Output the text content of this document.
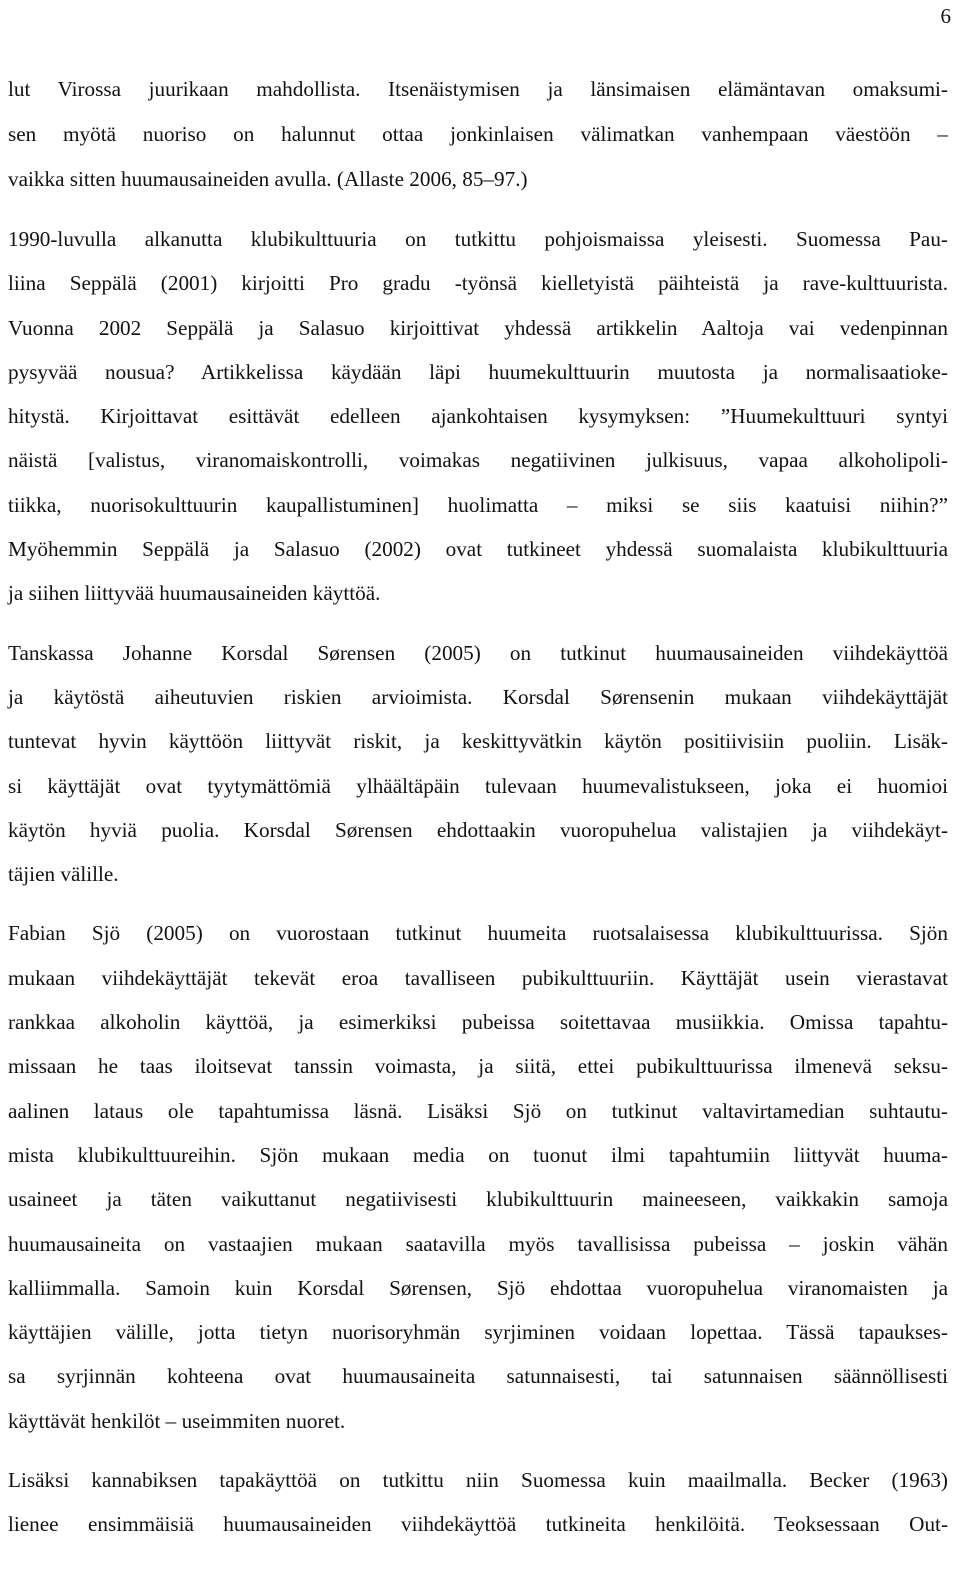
6
lut Virossa juurikaan mahdollista. Itsenäistymisen ja länsimaisen elämäntavan omaksumi-
sen myötä nuoriso on halunnut ottaa jonkinlaisen välimatkan vanhempaan väestöön –
vaikka sitten huumausaineiden avulla. (Allaste 2006, 85–97.)
1990-luvulla alkanutta klubikulttuuria on tutkittu pohjoismaissa yleisesti. Suomessa Pau-
liina Seppälä (2001) kirjoitti Pro gradu -työnsä kielletyistä päihteistä ja rave-kulttuurista.
Vuonna 2002 Seppälä ja Salasuo kirjoittivat yhdessä artikkelin Aaltoja vai vedenpinnan
pysyvää nousua? Artikkelissa käydään läpi huumekulttuurin muutosta ja normalisaatioke-
hitystä. Kirjoittavat esittävät edelleen ajankohtaisen kysymyksen: ”Huumekulttuuri syntyi
näistä [valistus, viranomaiskontrolli, voimakas negatiivinen julkisuus, vapaa alkoholipoli-
tiikka, nuorisokulttuurin kaupallistuminen] huolimatta – miksi se siis kaatuisi niihin?”
Myöhemmin Seppälä ja Salasuo (2002) ovat tutkineet yhdessä suomalaista klubikulttuuria
ja siihen liittyvää huumausaineiden käyttöä.
Tanskassa Johanne Korsdal Sørensen (2005) on tutkinut huumausaineiden viihdekäyttöä
ja käytöstä aiheutuvien riskien arvioimista. Korsdal Sørensenin mukaan viihdekäyttäjät
tuntevat hyvin käyttöön liittyvät riskit, ja keskittyvätkin käytön positiivisiin puoliin. Lisäk-
si käyttäjät ovat tyytymättömiä ylhäältäpäin tulevaan huumevalistukseen, joka ei huomioi
käytön hyviä puolia. Korsdal Sørensen ehdottaakin vuoropuhelua valistajien ja viihdekäyt-
täjien välille.
Fabian Sjö (2005) on vuorostaan tutkinut huumeita ruotsalaisessa klubikulttuurissa. Sjön
mukaan viihdekäyttäjät tekevät eroa tavalliseen pubikulttuuriin. Käyttäjät usein vierastavat
rankkaa alkoholin käyttöä, ja esimerkiksi pubeissa soitettavaa musiikkia. Omissa tapahtu-
missaan he taas iloitsevat tanssin voimasta, ja siitä, ettei pubikulttuurissa ilmenevä seksu-
aalinen lataus ole tapahtumissa läsnä. Lisäksi Sjö on tutkinut valtavirtamedian suhtautu-
mista klubikulttuureihin. Sjön mukaan media on tuonut ilmi tapahtumiin liittyvät huuma-
usaineet ja täten vaikuttanut negatiivisesti klubikulttuurin maineeseen, vaikkakin samoja
huumausaineita on vastaajien mukaan saatavilla myös tavallisissa pubeissa – joskin vähän
kalliimmalla. Samoin kuin Korsdal Sørensen, Sjö ehdottaa vuoropuhelua viranomaisten ja
käyttäjien välille, jotta tietyn nuorisoryhmän syrjiminen voidaan lopettaa. Tässä tapaukses-
sa syrjinnän kohteena ovat huumausaineita satunnaisesti, tai satunnaisen säännöllisesti
käyttävät henkilöt – useimmiten nuoret.
Lisäksi kannabiksen tapakäyttöä on tutkittu niin Suomessa kuin maailmalla. Becker (1963)
lienee ensimmäisiä huumausaineiden viihdekäyttöä tutkineita henkilöitä. Teoksessaan Out-
